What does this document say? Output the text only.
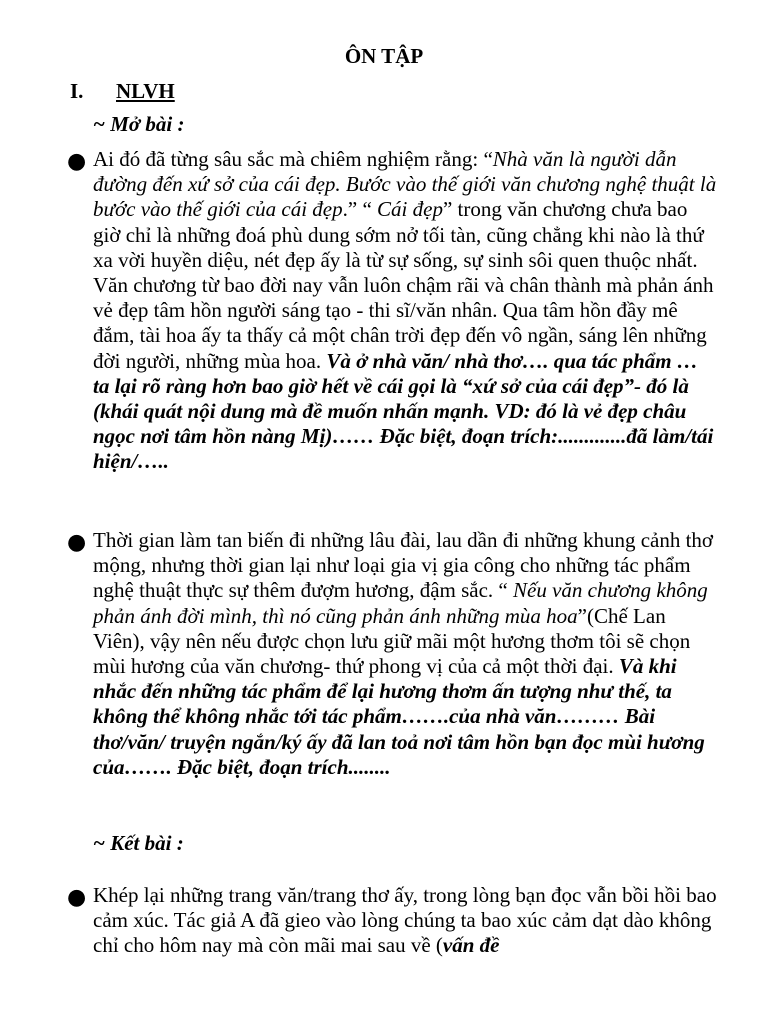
ÔN TẬP
I. NLVH
~ Mở bài :
● Ai đó đã từng sâu sắc mà chiêm nghiệm rằng: “Nhà văn là người dẫn đường đến xứ sở của cái đẹp. Bước vào thế giới văn chương nghệ thuật là bước vào thế giới của cái đẹp.” “ Cái đẹp” trong văn chương chưa bao giờ chỉ là những đoá phù dung sớm nở tối tàn, cũng chẳng khi nào là thứ xa vời huyền diệu, nét đẹp ấy là từ sự sống, sự sinh sôi quen thuộc nhất. Văn chương từ bao đời nay vẫn luôn chậm rãi và chân thành mà phản ánh vẻ đẹp tâm hồn người sáng tạo - thi sĩ/văn nhân. Qua tâm hồn đầy mê đắm, tài hoa ấy ta thấy cả một chân trời đẹp đến vô ngần, sáng lên những đời người, những mùa hoa. Và ở nhà văn/ nhà thơ…. qua tác phẩm … ta lại rõ ràng hơn bao giờ hết về cái gọi là “xứ sở của cái đẹp”- đó là (khái quát nội dung mà đề muốn nhấn mạnh. VD: đó là vẻ đẹp châu ngọc nơi tâm hồn nàng Mị)…… Đặc biệt, đoạn trích:.............đã làm/tái hiện/…..

● Thời gian làm tan biến đi những lâu đài, lau dần đi những khung cảnh thơ mộng, nhưng thời gian lại như loại gia vị gia công cho những tác phẩm nghệ thuật thực sự thêm đượm hương, đậm sắc. “ Nếu văn chương không phản ánh đời mình, thì nó cũng phản ánh những mùa hoa”(Chế Lan Viên), vậy nên nếu được chọn lưu giữ mãi một hương thơm tôi sẽ chọn mùi hương của văn chương- thứ phong vị của cả một thời đại. Và khi nhắc đến những tác phẩm để lại hương thơm ấn tượng như thế, ta không thể không nhắc tới tác phẩm…….của nhà văn……… Bài thơ/văn/ truyện ngắn/ký ấy đã lan toả nơi tâm hồn bạn đọc mùi hương của……. Đặc biệt, đoạn trích........

~ Kết bài :
● Khép lại những trang văn/trang thơ ấy, trong lòng bạn đọc vẫn bồi hồi bao cảm xúc. Tác giả A đã gieo vào lòng chúng ta bao xúc cảm dạt dào không chỉ cho hôm nay mà còn mãi mai sau về (vấn đề
